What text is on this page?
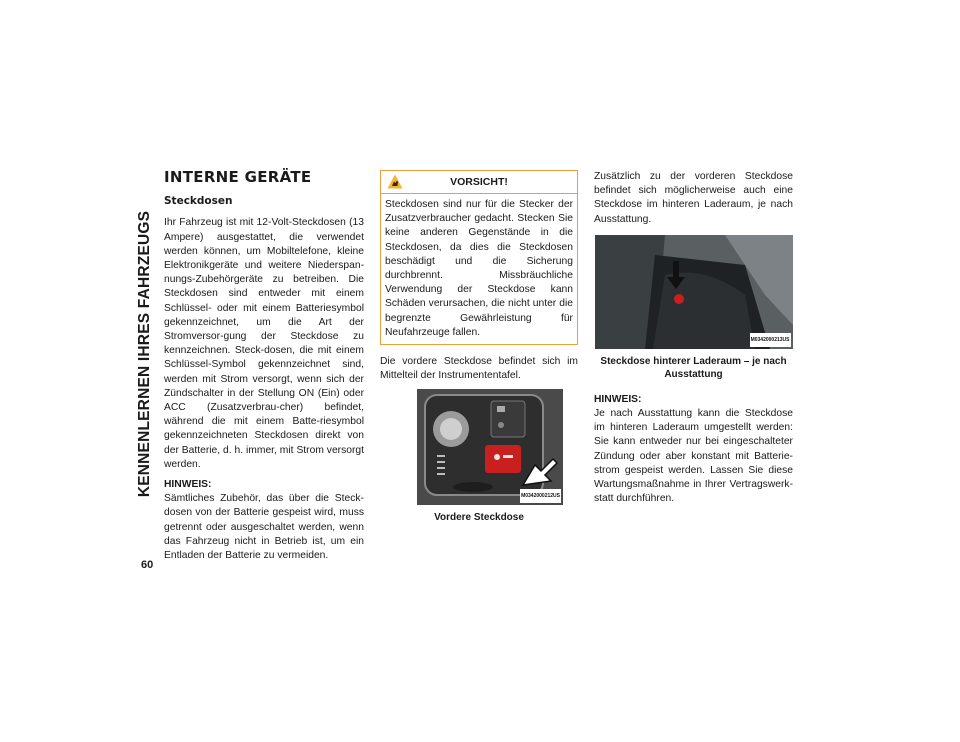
KENNENLERNEN IHRES FAHRZEUGS
60
INTERNE GERÄTE
Steckdosen

Ihr Fahrzeug ist mit 12-Volt-Steckdosen (13 Ampere) ausgestattet, die verwendet werden können, um Mobiltelefone, kleine Elektronikgeräte und weitere Niederspan-nungs-Zubehörgeräte zu betreiben. Die Steckdosen sind entweder mit einem Schlüssel- oder mit einem Batteriesymbol gekennzeichnet, um die Art der Stromversor-gung der Steckdose zu kennzeichnen. Steck-dosen, die mit einem Schlüssel-Symbol gekennzeichnet sind, werden mit Strom versorgt, wenn sich der Zündschalter in der Stellung ON (Ein) oder ACC (Zusatzverbrau-cher) befindet, während die mit einem Batte-riesymbol gekennzeichneten Steckdosen direkt von der Batterie, d. h. immer, mit Strom versorgt werden.

HINWEIS:
Sämtliches Zubehör, das über die Steck-dosen von der Batterie gespeist wird, muss getrennt oder ausgeschaltet werden, wenn das Fahrzeug nicht in Betrieb ist, um ein Entladen der Batterie zu vermeiden.

VORSICHT!
Steckdosen sind nur für die Stecker der Zusatzverbraucher gedacht. Stecken Sie keine anderen Gegenstände in die Steckdosen, da dies die Steckdosen beschädigt und die Sicherung durchbrennt. Missbräuchliche Verwendung der Steckdose kann Schäden verursachen, die nicht unter die begrenzte Gewährleistung für Neufahrzeuge fallen.

Die vordere Steckdose befindet sich im Mittelteil der Instrumententafel.

M0342000212US
Vordere Steckdose

Zusätzlich zu der vorderen Steckdose befindet sich möglicherweise auch eine Steckdose im hinteren Laderaum, je nach Ausstattung.

M0342000213US
Steckdose hinterer Laderaum – je nach Ausstattung

HINWEIS:
Je nach Ausstattung kann die Steckdose im hinteren Laderaum umgestellt werden: Sie kann entweder nur bei eingeschalteter Zündung oder aber konstant mit Batterie-strom gespeist werden. Lassen Sie diese Wartungsmaßnahme in Ihrer Vertragswerk-statt durchführen.
